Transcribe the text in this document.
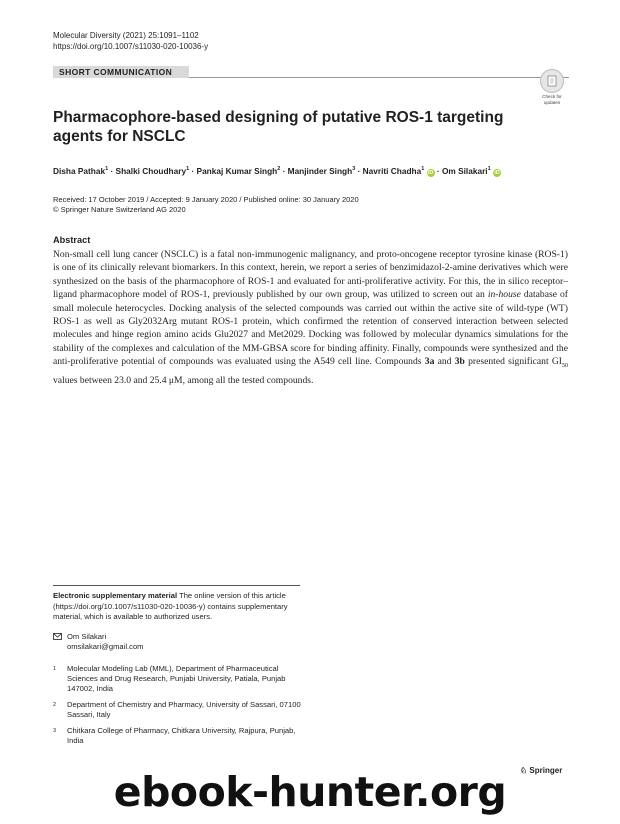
Molecular Diversity (2021) 25:1091–1102
https://doi.org/10.1007/s11030-020-10036-y
SHORT COMMUNICATION
Check for
updates
Pharmacophore-based designing of putative ROS-1 targeting agents for NSCLC
Disha Pathak$^1$ · Shalki Choudhary$^1$ · Pankaj Kumar Singh$^2$ · Manjinder Singh$^3$ · Navriti Chadha$^1$ iD · Om Silakari$^1$ iD
Received: 17 October 2019 / Accepted: 9 January 2020 / Published online: 30 January 2020
© Springer Nature Switzerland AG 2020
Abstract
Non-small cell lung cancer (NSCLC) is a fatal non-immunogenic malignancy, and proto-oncogene receptor tyrosine kinase (ROS-1) is one of its clinically relevant biomarkers. In this context, herein, we report a series of benzimidazol-2-amine derivatives which were synthesized on the basis of the pharmacophore of ROS-1 and evaluated for anti-proliferative activity. For this, the in silico receptor–ligand pharmacophore model of ROS-1, previously published by our own group, was utilized to screen out an in-house database of small molecule heterocycles. Docking analysis of the selected compounds was carried out within the active site of wild-type (WT) ROS-1 as well as Gly2032Arg mutant ROS-1 protein, which confirmed the retention of conserved interaction between selected molecules and hinge region amino acids Glu2027 and Met2029. Docking was followed by molecular dynamics simulations for the stability of the complexes and calculation of the MM-GBSA score for binding affinity. Finally, compounds were synthesized and the anti-proliferative potential of compounds was evaluated using the A549 cell line. Compounds 3a and 3b presented significant $GI_{50}$ values between 23.0 and 25.4 μM, among all the tested compounds.
Electronic supplementary material The online version of this article (https://doi.org/10.1007/s11030-020-10036-y) contains supplementary material, which is available to authorized users.
Om Silakari
omsilakari@gmail.com
1 Molecular Modeling Lab (MML), Department of Pharmaceutical Sciences and Drug Research, Punjabi University, Patiala, Punjab 147002, India
2 Department of Chemistry and Pharmacy, University of Sassari, 07100 Sassari, Italy
3 Chitkara College of Pharmacy, Chitkara University, Rajpura, Punjab, India
♘ Springer
ebook-hunter.org
